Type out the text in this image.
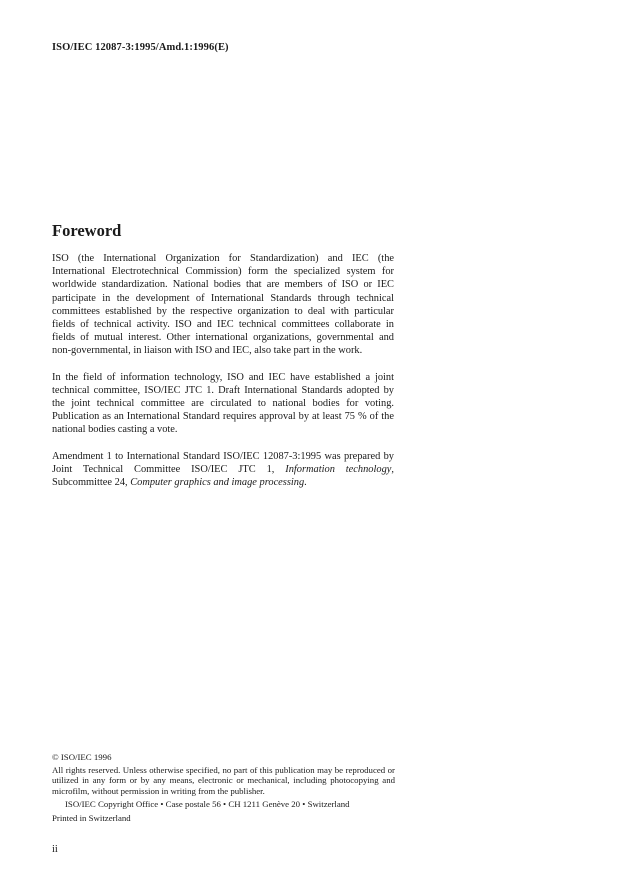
ISO/IEC 12087-3:1995/Amd.1:1996(E)
Foreword

ISO (the International Organization for Standardization) and IEC (the International Electrotechnical Commission) form the specialized system for worldwide standardization. National bodies that are members of ISO or IEC participate in the development of International Standards through technical committees established by the respective organization to deal with particular fields of technical activity. ISO and IEC technical committees collaborate in fields of mutual interest. Other international organizations, governmental and non-governmental, in liaison with ISO and IEC, also take part in the work.

In the field of information technology, ISO and IEC have established a joint technical committee, ISO/IEC JTC 1. Draft International Standards adopted by the joint technical committee are circulated to national bodies for voting. Publication as an International Standard requires approval by at least 75 % of the national bodies casting a vote.

Amendment 1 to International Standard ISO/IEC 12087-3:1995 was prepared by Joint Technical Committee ISO/IEC JTC 1, Information technology, Subcommittee 24, Computer graphics and image processing.

© ISO/IEC 1996

All rights reserved. Unless otherwise specified, no part of this publication may be reproduced or utilized in any form or by any means, electronic or mechanical, including photocopying and microfilm, without permission in writing from the publisher.

ISO/IEC Copyright Office • Case postale 56 • CH 1211 Genève 20 • Switzerland

Printed in Switzerland

ii
